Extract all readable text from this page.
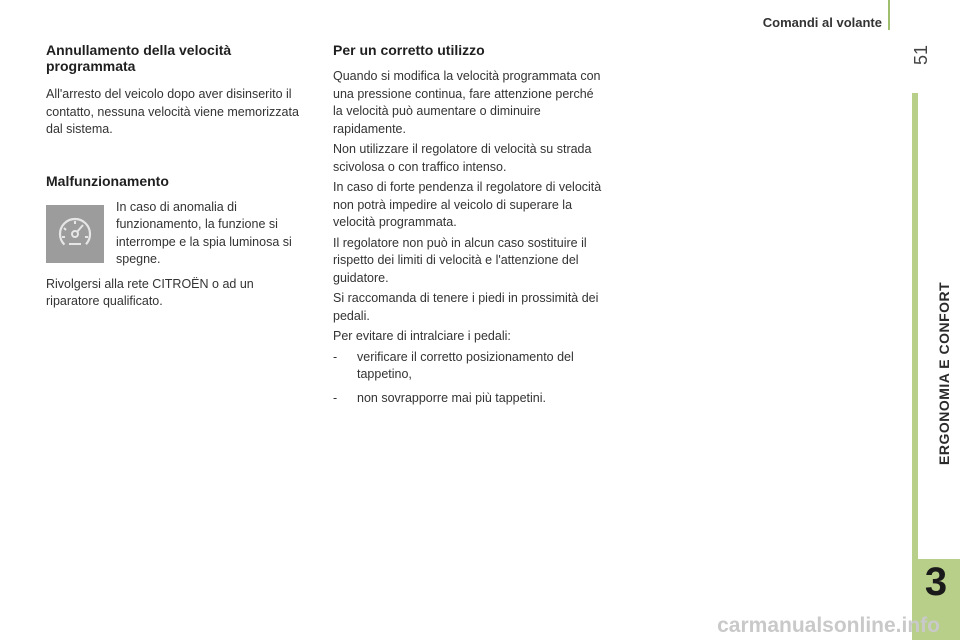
Comandi al volante
51
ERGONOMIA E CONFORT
3
Annullamento della velocità programmata

All'arresto del veicolo dopo aver disinserito il contatto, nessuna velocità viene memorizzata dal sistema.

Malfunzionamento

In caso di anomalia di funzionamento, la funzione si interrompe e la spia luminosa si spegne.

Rivolgersi alla rete CITROËN o ad un riparatore qualificato.

Per un corretto utilizzo

Quando si modifica la velocità programmata con una pressione continua, fare attenzione perché la velocità può aumentare o diminuire rapidamente.

Non utilizzare il regolatore di velocità su strada scivolosa o con traffico intenso.

In caso di forte pendenza il regolatore di velocità non potrà impedire al veicolo di superare la velocità programmata.

Il regolatore non può in alcun caso sostituire il rispetto dei limiti di velocità e l'attenzione del guidatore.

Si raccomanda di tenere i piedi in prossimità dei pedali.

Per evitare di intralciare i pedali:

-	verificare il corretto posizionamento del tappetino,

-	non sovrapporre mai più tappetini.

carmanualsonline.info
